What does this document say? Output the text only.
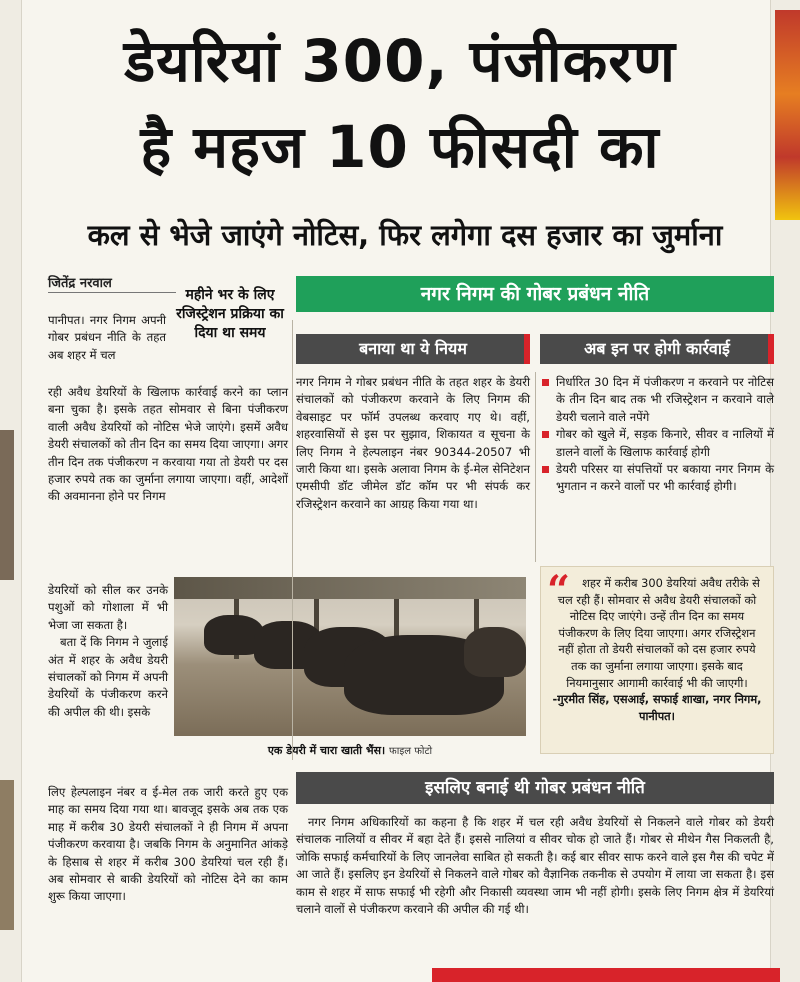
डेयरियां 300, पंजीकरण
है महज 10 फीसदी का
कल से भेजे जाएंगे नोटिस, फिर लगेगा दस हजार का जुर्माना
जितेंद्र नरवाल
महीने भर के लिए रजिस्ट्रेशन प्रक्रिया का दिया था समय

पानीपत। नगर निगम अपनी गोबर प्रबंधन नीति के तहत अब शहर में चल

रही अवैध डेयरियों के खिलाफ कार्रवाई करने का प्लान बना चुका है। इसके तहत सोमवार से बिना पंजीकरण वाली अवैध डेयरियों को नोटिस भेजे जाएंगे। इसमें अवैध डेयरी संचालकों को तीन दिन का समय दिया जाएगा। अगर तीन दिन तक पंजीकरण न करवाया गया तो डेयरी पर दस हजार रुपये तक का जुर्माना लगाया जाएगा। वहीं, आदेशों की अवमानना होने पर निगम

डेयरियों को सील कर उनके पशुओं को गोशाला में भी भेजा जा सकता है।

बता दें कि निगम ने जुलाई अंत में शहर के अवैध डेयरी संचालकों को निगम में अपनी डेयरियों के पंजीकरण करने की अपील की थी। इसके

लिए हेल्पलाइन नंबर व ई-मेल तक जारी करते हुए एक माह का समय दिया गया था। बावजूद इसके अब तक एक माह में करीब 30 डेयरी संचालकों ने ही निगम में अपना पंजीकरण करवाया है। जबकि निगम के अनुमानित आंकड़े के हिसाब से शहर में करीब 300 डेयरियां चल रही हैं। अब सोमवार से बाकी डेयरियों को नोटिस देने का काम शुरू किया जाएगा।

नगर निगम की गोबर प्रबंधन नीति
बनाया था ये नियम	अब इन पर होगी कार्रवाई

नगर निगम ने गोबर प्रबंधन नीति के तहत शहर के डेयरी संचालकों को पंजीकरण करवाने के लिए निगम की वेबसाइट पर फॉर्म उपलब्ध करवाए गए थे। वहीं, शहरवासियों से इस पर सुझाव, शिकायत व सूचना के लिए निगम ने हेल्पलाइन नंबर 90344-20507 भी जारी किया था। इसके अलावा निगम के ई-मेल सेनिटेशन एमसीपी डॉट जीमेल डॉट कॉम पर भी संपर्क कर रजिस्ट्रेशन करवाने का आग्रह किया गया था।

निर्धारित 30 दिन में पंजीकरण न करवाने पर नोटिस के तीन दिन बाद तक भी रजिस्ट्रेशन न करवाने वाले डेयरी चलाने वाले नपेंगे

गोबर को खुले में, सड़क किनारे, सीवर व नालियों में डालने वालों के खिलाफ कार्रवाई होगी

डेयरी परिसर या संपत्तियों पर बकाया नगर निगम के भुगतान न करने वालों पर भी कार्रवाई होगी।

एक डेयरी में चारा खाती भैंस। फाइल फोटो
“	शहर में करीब 300 डेयरियां अवैध तरीके से चल रही हैं। सोमवार से अवैध डेयरी संचालकों को नोटिस दिए जाएंगे। उन्हें तीन दिन का समय पंजीकरण के लिए दिया जाएगा। अगर रजिस्ट्रेशन नहीं होता तो डेयरी संचालकों को दस हजार रुपये तक का जुर्माना लगाया जाएगा। इसके बाद नियमानुसार आगामी कार्रवाई भी की जाएगी। -गुरमीत सिंह, एसआई, सफाई शाखा, नगर निगम, पानीपत।
इसलिए बनाई थी गोबर प्रबंधन नीति

नगर निगम अधिकारियों का कहना है कि शहर में चल रही अवैध डेयरियों से निकलने वाले गोबर को डेयरी संचालक नालियों व सीवर में बहा देते हैं। इससे नालियां व सीवर चोक हो जाते हैं। गोबर से मीथेन गैस निकलती है, जोकि सफाई कर्मचारियों के लिए जानलेवा साबित हो सकती है। कई बार सीवर साफ करने वाले इस गैस की चपेट में आ जाते हैं। इसलिए इन डेयरियों से निकलने वाले गोबर को वैज्ञानिक तकनीक से उपयोग में लाया जा सकता है। इस काम से शहर में साफ सफाई भी रहेगी और निकासी व्यवस्था जाम भी नहीं होगी। इसके लिए निगम क्षेत्र में डेयरियां चलाने वालों से पंजीकरण करवाने की अपील की गई थी।
